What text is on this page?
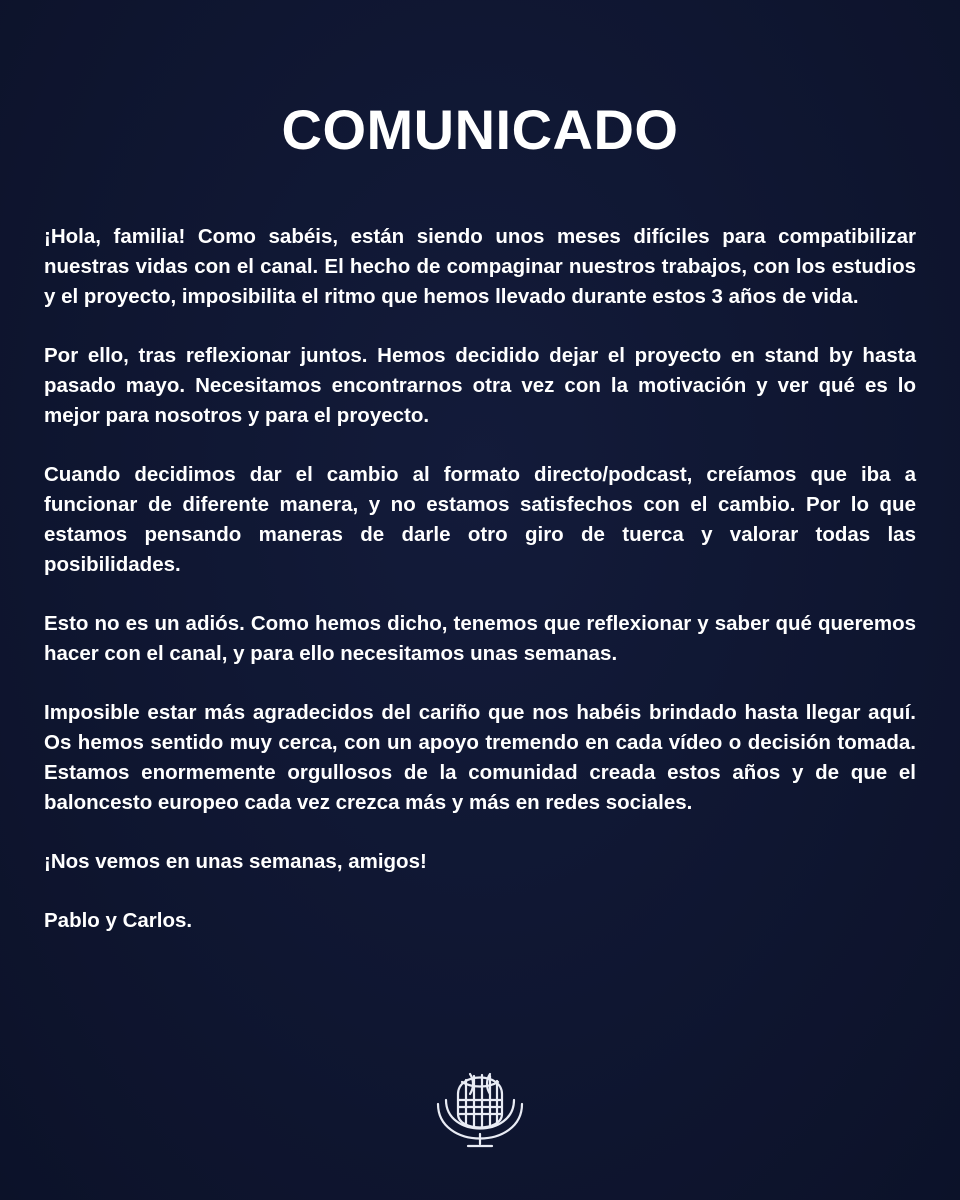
COMUNICADO

¡Hola, familia! Como sabéis, están siendo unos meses difíciles para compatibilizar nuestras vidas con el canal. El hecho de compaginar nuestros trabajos, con los estudios y el proyecto, imposibilita el ritmo que hemos llevado durante estos 3 años de vida.

Por ello, tras reflexionar juntos. Hemos decidido dejar el proyecto en stand by hasta pasado mayo. Necesitamos encontrarnos otra vez con la motivación y ver qué es lo mejor para nosotros y para el proyecto.

Cuando decidimos dar el cambio al formato directo/podcast, creíamos que iba a funcionar de diferente manera, y no estamos satisfechos con el cambio. Por lo que estamos pensando maneras de darle otro giro de tuerca y valorar todas las posibilidades.

Esto no es un adiós. Como hemos dicho, tenemos que reflexionar y saber qué queremos hacer con el canal, y para ello necesitamos unas semanas.

Imposible estar más agradecidos del cariño que nos habéis brindado hasta llegar aquí. Os hemos sentido muy cerca, con un apoyo tremendo en cada vídeo o decisión tomada. Estamos enormemente orgullosos de la comunidad creada estos años y de que el baloncesto europeo cada vez crezca más y más en redes sociales.

¡Nos vemos en unas semanas, amigos!

Pablo y Carlos.
